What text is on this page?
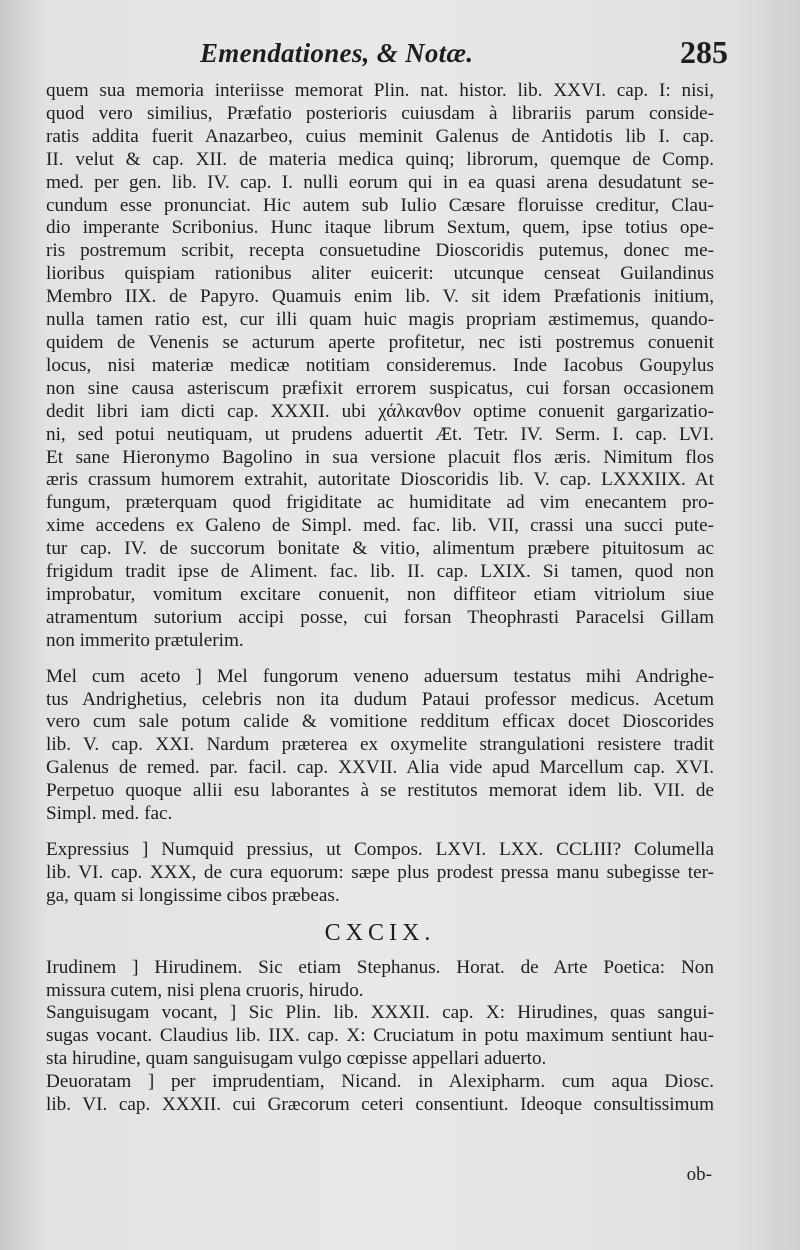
Emendationes, & Notæ.	285
quem sua memoria interiisse memorat Plin. nat. histor. lib. XXVI. cap. I: nisi,
quod vero similius, Præfatio posterioris cuiusdam à librariis parum conside-
ratis addita fuerit Anazarbeo, cuius meminit Galenus de Antidotis lib I. cap.
II. velut & cap. XII. de materia medica quinq; librorum, quemque de Comp.
med. per gen. lib. IV. cap. I. nulli eorum qui in ea quasi arena desudatunt se-
cundum esse pronunciat. Hic autem sub Iulio Cæsare floruisse creditur, Clau-
dio imperante Scribonius. Hunc itaque librum Sextum, quem, ipse totius ope-
ris postremum scribit, recepta consuetudine Dioscoridis putemus, donec me-
lioribus quispiam rationibus aliter euicerit: utcunque censeat Guilandinus
Membro IIX. de Papyro. Quamuis enim lib. V. sit idem Præfationis initium,
nulla tamen ratio est, cur illi quam huic magis propriam æstimemus, quando-
quidem de Venenis se acturum aperte profitetur, nec isti postremus conuenit
locus, nisi materiæ medicæ notitiam consideremus. Inde Iacobus Goupylus
non sine causa asteriscum præfixit errorem suspicatus, cui forsan occasionem
dedit libri iam dicti cap. XXXII. ubi χάλκανθον optime conuenit gargarizatio-
ni, sed potui neutiquam, ut prudens aduertit Æt. Tetr. IV. Serm. I. cap. LVI.
Et sane Hieronymo Bagolino in sua versione placuit flos æris. Nimitum flos
æris crassum humorem extrahit, autoritate Dioscoridis lib. V. cap. LXXXIIX. At
fungum, præterquam quod frigiditate ac humiditate ad vim enecantem pro-
xime accedens ex Galeno de Simpl. med. fac. lib. VII, crassi una succi pute-
tur cap. IV. de succorum bonitate & vitio, alimentum præbere pituitosum ac
frigidum tradit ipse de Aliment. fac. lib. II. cap. LXIX. Si tamen, quod non
improbatur, vomitum excitare conuenit, non diffiteor etiam vitriolum siue
atramentum sutorium accipi posse, cui forsan Theophrasti Paracelsi Gillam
non immerito prætulerim.
Mel cum aceto ] Mel fungorum veneno aduersum testatus mihi Andrighe-
tus Andrighetius, celebris non ita dudum Pataui professor medicus. Acetum
vero cum sale potum calide & vomitione redditum efficax docet Dioscorides
lib. V. cap. XXI. Nardum præterea ex oxymelite strangulationi resistere tradit
Galenus de remed. par. facil. cap. XXVII. Alia vide apud Marcellum cap. XVI.
Perpetuo quoque allii esu laborantes à se restitutos memorat idem lib. VII. de
Simpl. med. fac.
Expressius ] Numquid pressius, ut Compos. LXVI. LXX. CCLIII? Columella
lib. VI. cap. XXX, de cura equorum: sæpe plus prodest pressa manu subegisse ter-
ga, quam si longissime cibos præbeas.
CXCIX.
Irudinem ] Hirudinem. Sic etiam Stephanus. Horat. de Arte Poetica: Non
missura cutem, nisi plena cruoris, hirudo.
Sanguisugam vocant, ] Sic Plin. lib. XXXII. cap. X: Hirudines, quas sangui-
sugas vocant. Claudius lib. IIX. cap. X: Cruciatum in potu maximum sentiunt hau-
sta hirudine, quam sanguisugam vulgo cœpisse appellari aduerto.
Deuoratam ] per imprudentiam, Nicand. in Alexipharm. cum aqua Diosc.
lib. VI. cap. XXXII. cui Græcorum ceteri consentiunt. Ideoque consultissimum
ob-
